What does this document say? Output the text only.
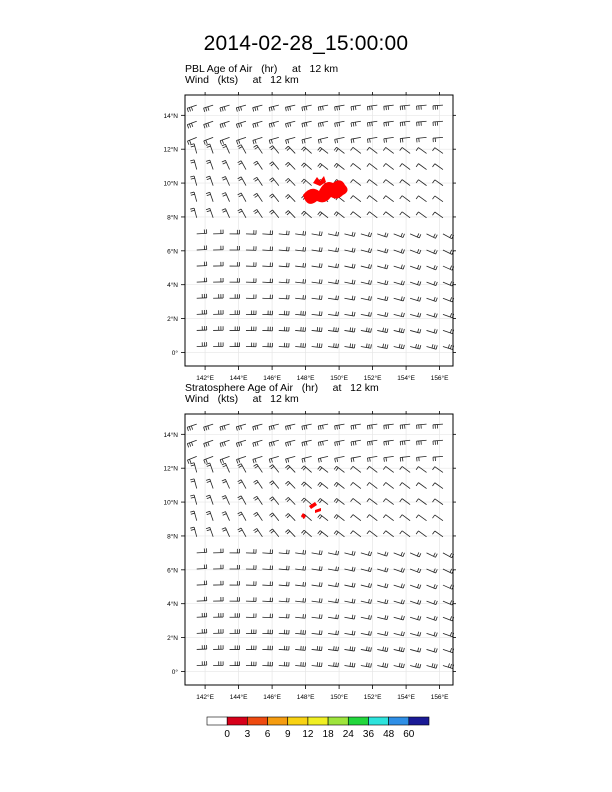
2014-02-28_15:00:00
PBL Age of Air   (hr)     at   12 km
Wind   (kts)     at   12 km
Stratosphere Age of Air   (hr)     at   12 km
Wind   (kts)     at   12 km
142°E 144°E 146°E 148°E 150°E 152°E 154°E 156°E
0°
2°N
4°N
6°N
8°N
10°N
12°N
14°N
142°E 144°E 146°E 148°E 150°E 152°E 154°E 156°E
0°
2°N
4°N
6°N
8°N
10°N
12°N
14°N
0 3 6 9 12 18 24 36 48 60
